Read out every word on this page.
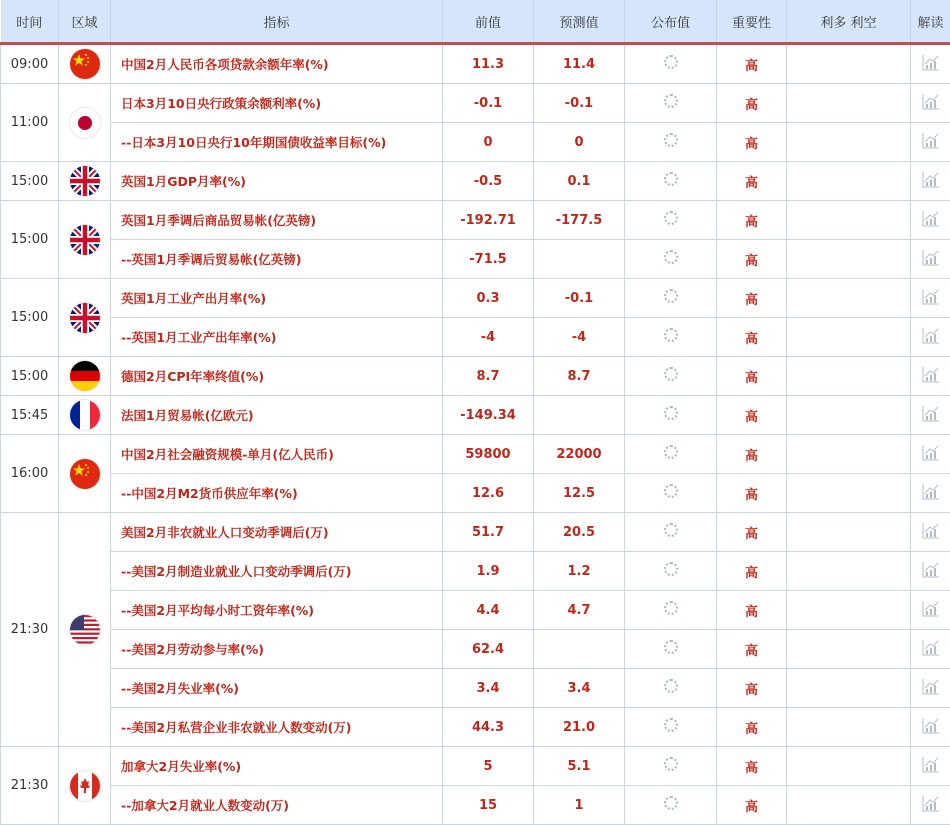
时间	区域	指标	前值	预测值	公布值	重要性	利多 利空	解读
09:00		中国2月人民币各项贷款余额年率(%)	11.3	11.4		高		
11:00		日本3月10日央行政策余额利率(%)	-0.1	-0.1		高		
		--日本3月10日央行10年期国债收益率目标(%)	0	0		高		
15:00		英国1月GDP月率(%)	-0.5	0.1		高		
15:00		英国1月季调后商品贸易帐(亿英镑)	-192.71	-177.5		高		
		--英国1月季调后贸易帐(亿英镑)	-71.5			高		
15:00		英国1月工业产出月率(%)	0.3	-0.1		高		
		--英国1月工业产出年率(%)	-4	-4		高		
15:00		德国2月CPI年率终值(%)	8.7	8.7		高		
15:45		法国1月贸易帐(亿欧元)	-149.34			高		
16:00		中国2月社会融资规模-单月(亿人民币)	59800	22000		高		
		--中国2月M2货币供应年率(%)	12.6	12.5		高		
21:30		美国2月非农就业人口变动季调后(万)	51.7	20.5		高		
		--美国2月制造业就业人口变动季调后(万)	1.9	1.2		高		
		--美国2月平均每小时工资年率(%)	4.4	4.7		高		
		--美国2月劳动参与率(%)	62.4			高		
		--美国2月失业率(%)	3.4	3.4		高		
		--美国2月私营企业非农就业人数变动(万)	44.3	21.0		高		
21:30		加拿大2月失业率(%)	5	5.1		高		
		--加拿大2月就业人数变动(万)	15	1		高		
